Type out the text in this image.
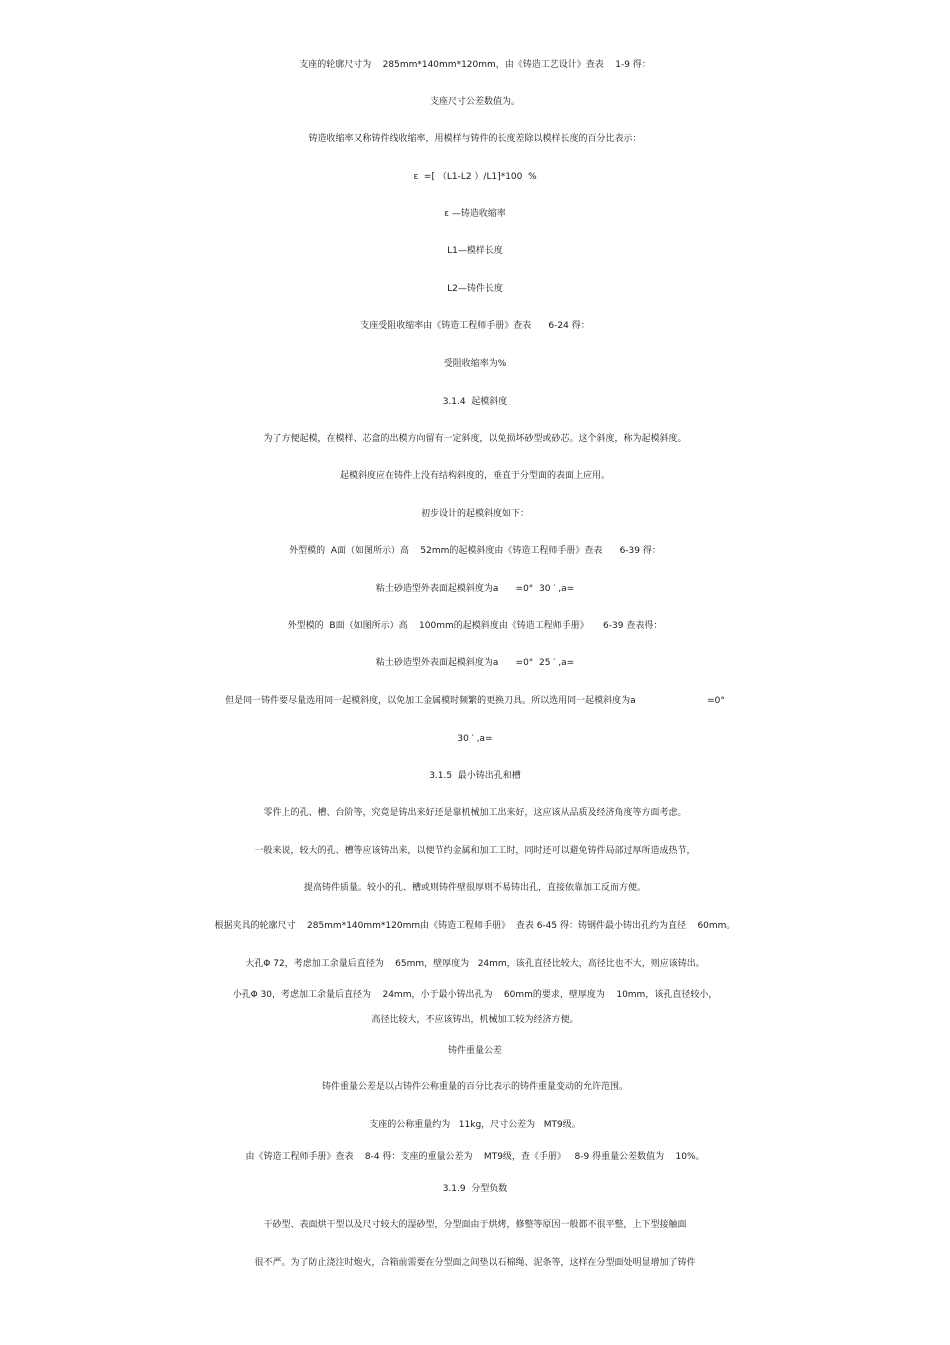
支座的轮廓尺寸为    285mm*140mm*120mm，由《铸造工艺设计》查表    1-9 得：
支座尺寸公差数值为。
铸造收缩率又称铸件线收缩率，用模样与铸件的长度差除以模样长度的百分比表示：
ε  =[ （L1-L2 ）/L1]*100  %
ε —铸造收缩率
L1—模样长度
L2—铸件长度
支座受阻收缩率由《铸造工程师手册》查表      6-24 得：
受阻收缩率为%
3.1.4  起模斜度
为了方便起模，在模样、芯盒的出模方向留有一定斜度，以免损坏砂型或砂芯。这个斜度，称为起模斜度。
起模斜度应在铸件上没有结构斜度的，垂直于分型面的表面上应用。
初步设计的起模斜度如下：
外型模的  A面（如图所示）高    52mm的起模斜度由《铸造工程师手册》查表      6-39 得：
粘土砂造型外表面起模斜度为a      =0°  30 ′ ,a=
外型模的  B面（如图所示）高    100mm的起模斜度由《铸造工程师手册》     6-39 查表得：
粘土砂造型外表面起模斜度为a      =0°  25 ′ ,a=
但是同一铸件要尽量选用同一起模斜度，以免加工金属模时频繁的更换刀具。所以选用同一起模斜度为a                         =0°
30 ′ ,a=
3.1.5  最小铸出孔和槽
零件上的孔、槽、台阶等，究竟是铸出来好还是靠机械加工出来好，这应该从品质及经济角度等方面考虑。
一般来说，较大的孔、槽等应该铸出来，以便节约金属和加工工时，同时还可以避免铸件局部过厚所造成热节，
提高铸件质量。较小的孔、槽或则铸件壁很厚则不易铸出孔，直接依靠加工反而方便。
根据夹具的轮廓尺寸    285mm*140mm*120mm由《铸造工程师手册》  查表 6-45 得：铸钢件最小铸出孔约为直径    60mm。
大孔Φ 72，考虑加工余量后直径为    65mm，壁厚度为   24mm，该孔直径比较大，高径比也不大，则应该铸出。
小孔Φ 30，考虑加工余量后直径为    24mm，小于最小铸出孔为    60mm的要求，壁厚度为    10mm，该孔直径较小，
高径比较大，不应该铸出，机械加工较为经济方便。
铸件重量公差
铸件重量公差是以占铸件公称重量的百分比表示的铸件重量变动的允许范围。
支座的公称重量约为   11kg，尺寸公差为   MT9级。
由《铸造工程师手册》查表    8-4 得：支座的重量公差为    MT9级，查《手册》   8-9 得重量公差数值为    10%。
3.1.9  分型负数
干砂型、表面烘干型以及尺寸较大的湿砂型，分型面由于烘烤，修整等原因一般都不很平整，上下型接触面
很不严。为了防止浇注时炮火，合箱前需要在分型面之间垫以石棉绳、泥条等，这样在分型面处明显增加了铸件
